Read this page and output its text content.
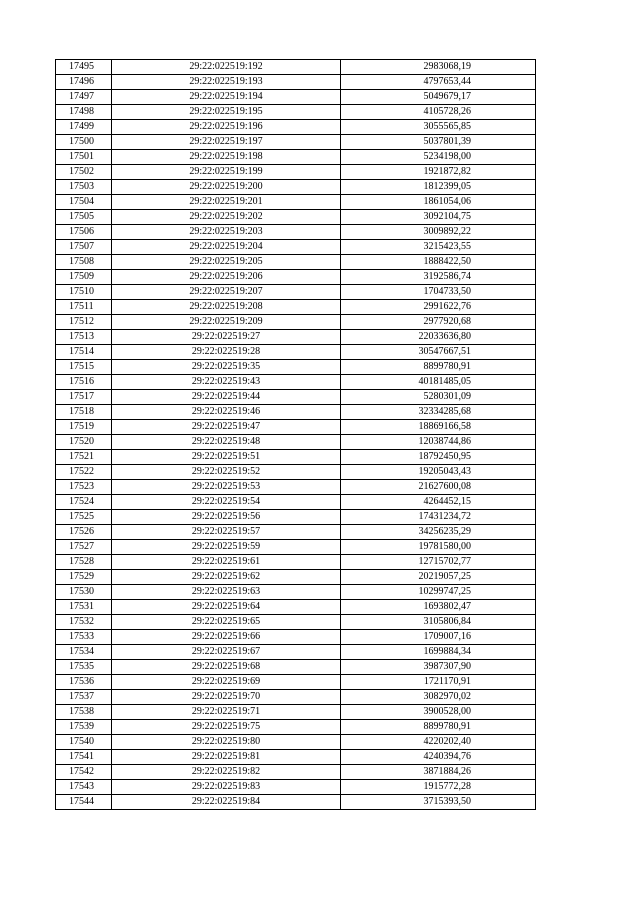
17495	29:22:022519:192	2983068,19
17496	29:22:022519:193	4797653,44
17497	29:22:022519:194	5049679,17
17498	29:22:022519:195	4105728,26
17499	29:22:022519:196	3055565,85
17500	29:22:022519:197	5037801,39
17501	29:22:022519:198	5234198,00
17502	29:22:022519:199	1921872,82
17503	29:22:022519:200	1812399,05
17504	29:22:022519:201	1861054,06
17505	29:22:022519:202	3092104,75
17506	29:22:022519:203	3009892,22
17507	29:22:022519:204	3215423,55
17508	29:22:022519:205	1888422,50
17509	29:22:022519:206	3192586,74
17510	29:22:022519:207	1704733,50
17511	29:22:022519:208	2991622,76
17512	29:22:022519:209	2977920,68
17513	29:22:022519:27	22033636,80
17514	29:22:022519:28	30547667,51
17515	29:22:022519:35	8899780,91
17516	29:22:022519:43	40181485,05
17517	29:22:022519:44	5280301,09
17518	29:22:022519:46	32334285,68
17519	29:22:022519:47	18869166,58
17520	29:22:022519:48	12038744,86
17521	29:22:022519:51	18792450,95
17522	29:22:022519:52	19205043,43
17523	29:22:022519:53	21627600,08
17524	29:22:022519:54	4264452,15
17525	29:22:022519:56	17431234,72
17526	29:22:022519:57	34256235,29
17527	29:22:022519:59	19781580,00
17528	29:22:022519:61	12715702,77
17529	29:22:022519:62	20219057,25
17530	29:22:022519:63	10299747,25
17531	29:22:022519:64	1693802,47
17532	29:22:022519:65	3105806,84
17533	29:22:022519:66	1709007,16
17534	29:22:022519:67	1699884,34
17535	29:22:022519:68	3987307,90
17536	29:22:022519:69	1721170,91
17537	29:22:022519:70	3082970,02
17538	29:22:022519:71	3900528,00
17539	29:22:022519:75	8899780,91
17540	29:22:022519:80	4220202,40
17541	29:22:022519:81	4240394,76
17542	29:22:022519:82	3871884,26
17543	29:22:022519:83	1915772,28
17544	29:22:022519:84	3715393,50
